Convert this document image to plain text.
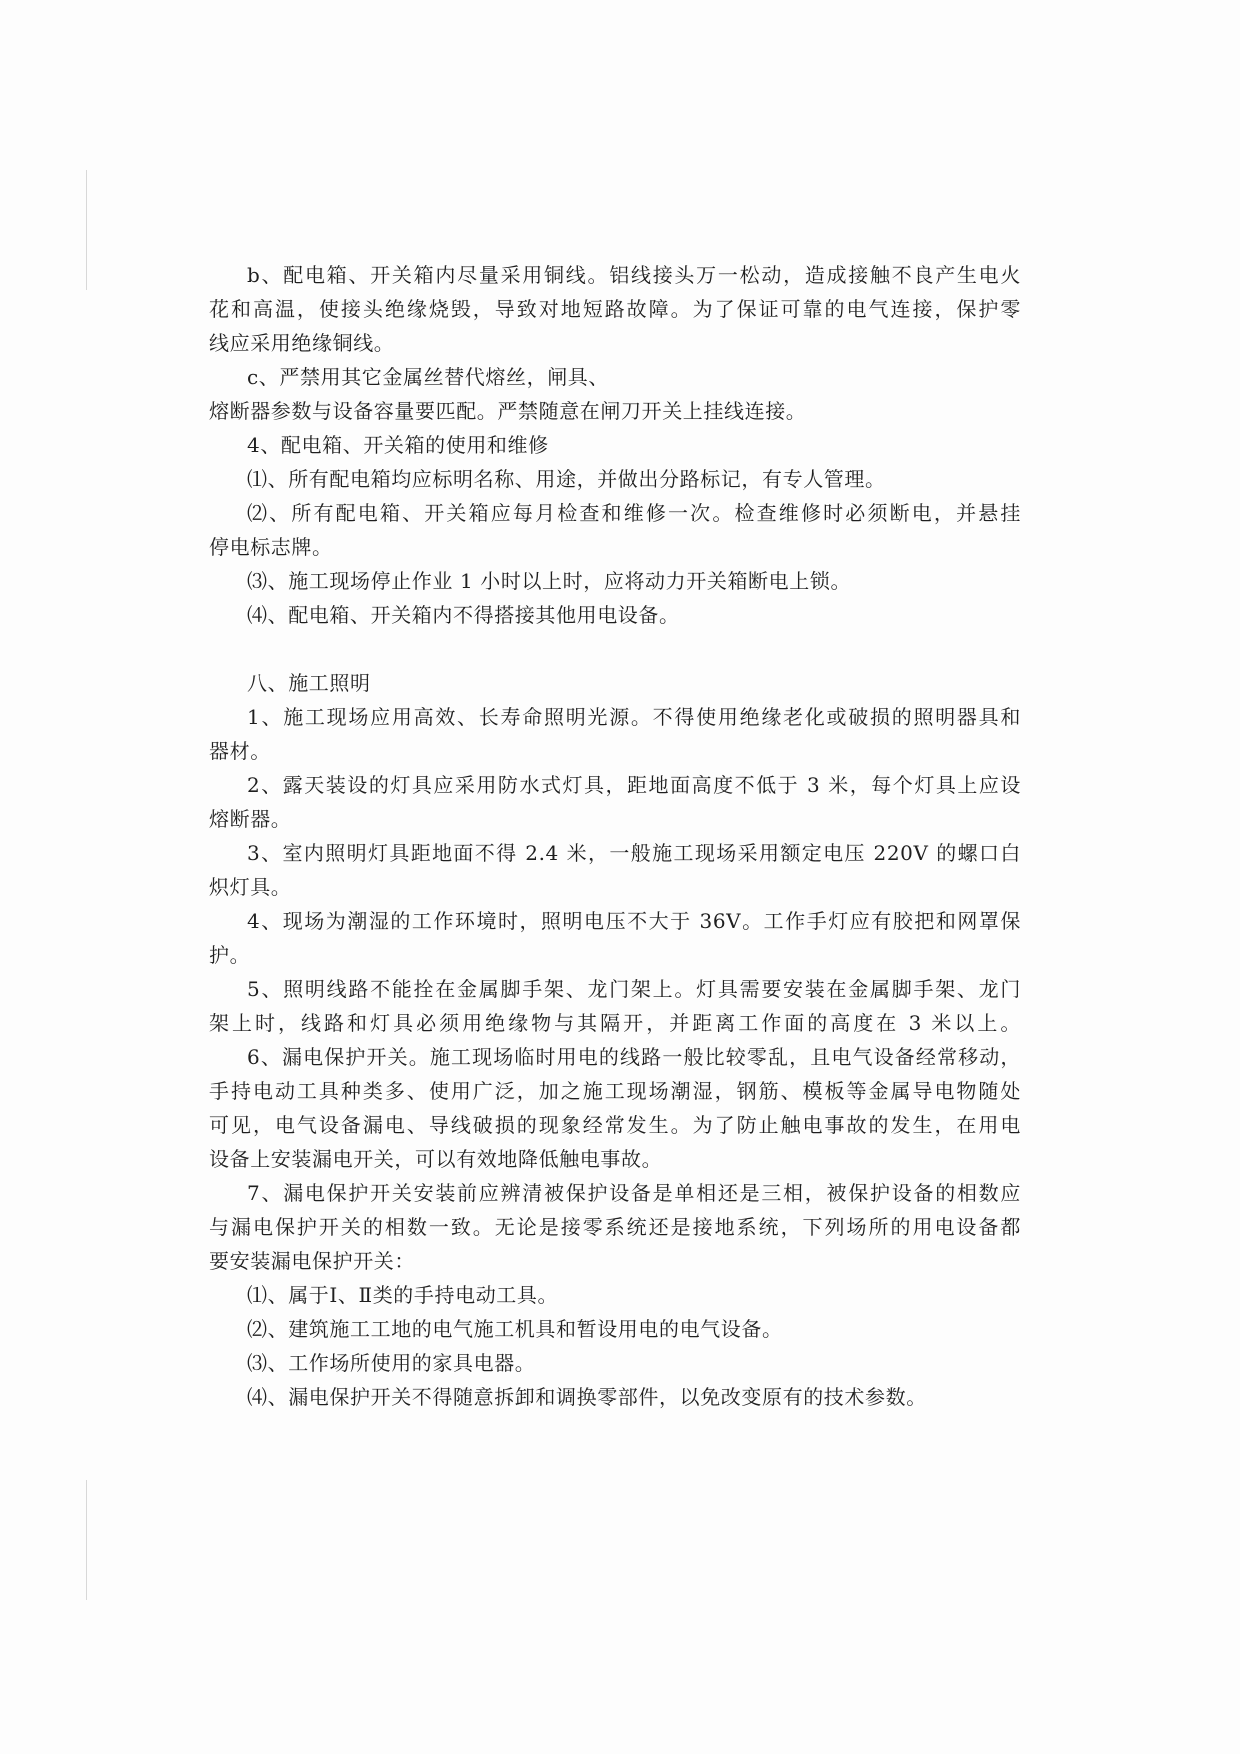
b、配电箱、开关箱内尽量采用铜线。铝线接头万一松动，造成接触不良产生电火
花和高温，使接头绝缘烧毁，导致对地短路故障。为了保证可靠的电气连接，保护零
线应采用绝缘铜线。
c、严禁用其它金属丝替代熔丝，闸具、
熔断器参数与设备容量要匹配。严禁随意在闸刀开关上挂线连接。
4、配电箱、开关箱的使用和维修
⑴、所有配电箱均应标明名称、用途，并做出分路标记，有专人管理。
⑵、所有配电箱、开关箱应每月检查和维修一次。检查维修时必须断电，并悬挂
停电标志牌。
⑶、施工现场停止作业 1 小时以上时，应将动力开关箱断电上锁。
⑷、配电箱、开关箱内不得搭接其他用电设备。
八、施工照明
1、施工现场应用高效、长寿命照明光源。不得使用绝缘老化或破损的照明器具和
器材。
2、露天装设的灯具应采用防水式灯具，距地面高度不低于 3 米，每个灯具上应设
熔断器。
3、室内照明灯具距地面不得 2.4 米，一般施工现场采用额定电压 220V 的螺口白
炽灯具。
4、现场为潮湿的工作环境时，照明电压不大于 36V。工作手灯应有胶把和网罩保
护。
5、照明线路不能拴在金属脚手架、龙门架上。灯具需要安装在金属脚手架、龙门
架上时，线路和灯具必须用绝缘物与其隔开，并距离工作面的高度在 3 米以上。
6、漏电保护开关。施工现场临时用电的线路一般比较零乱，且电气设备经常移动，
手持电动工具种类多、使用广泛，加之施工现场潮湿，钢筋、模板等金属导电物随处
可见，电气设备漏电、导线破损的现象经常发生。为了防止触电事故的发生，在用电
设备上安装漏电开关，可以有效地降低触电事故。
7、漏电保护开关安装前应辨清被保护设备是单相还是三相，被保护设备的相数应
与漏电保护开关的相数一致。无论是接零系统还是接地系统，下列场所的用电设备都
要安装漏电保护开关：
⑴、属于Ⅰ、Ⅱ类的手持电动工具。
⑵、建筑施工工地的电气施工机具和暂设用电的电气设备。
⑶、工作场所使用的家具电器。
⑷、漏电保护开关不得随意拆卸和调换零部件，以免改变原有的技术参数。
